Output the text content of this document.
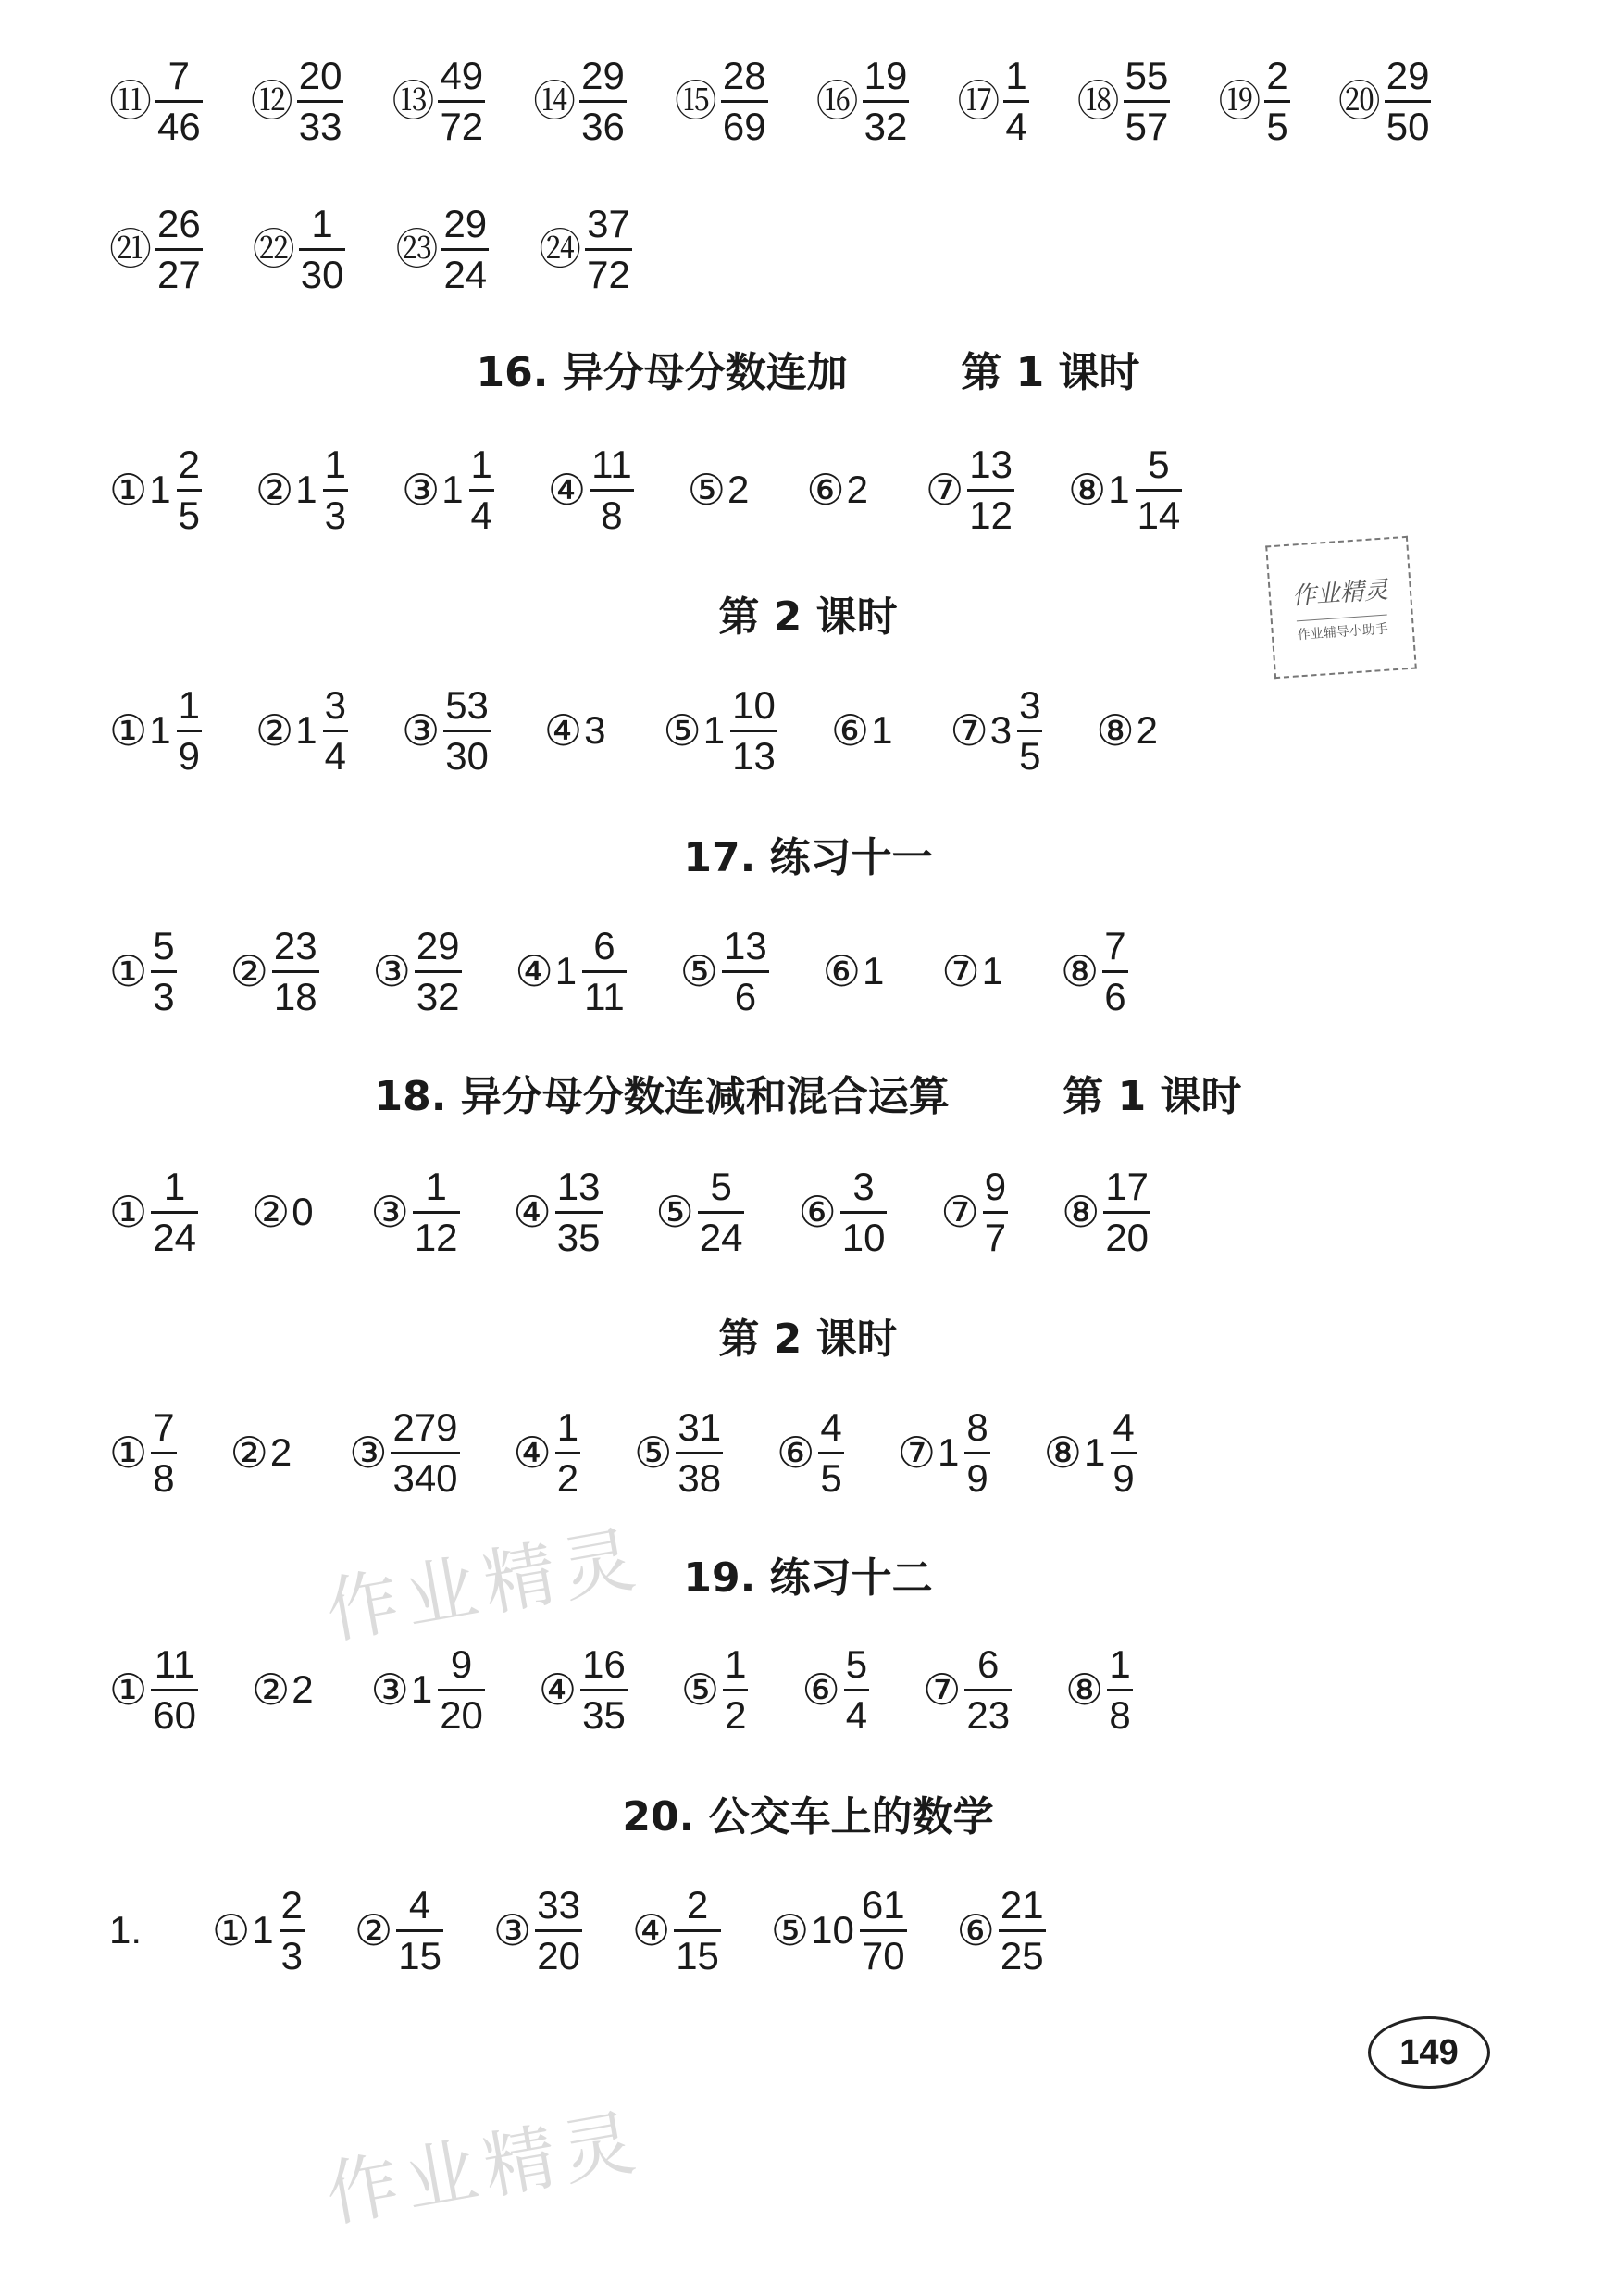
⑪ $\frac{7}{46}$ ⑫ $\frac{20}{33}$ ⑬ $\frac{49}{72}$ ⑭ $\frac{29}{36}$ ⑮ $\frac{28}{69}$ ⑯ $\frac{19}{32}$ ⑰ $\frac{1}{4}$ ⑱ $\frac{55}{57}$ ⑲ $\frac{2}{5}$ ⑳ $\frac{29}{50}$
㉑ $\frac{26}{27}$ ㉒ $\frac{1}{30}$ ㉓ $\frac{29}{24}$ ㉔ $\frac{37}{72}$
16. 异分母分数连加        第 1 课时
① $1 \frac{2}{5}$ ② $1 \frac{1}{3}$ ③ $1 \frac{1}{4}$ ④ $\frac{11}{8}$ ⑤ 2 ⑥ 2 ⑦ $\frac{13}{12}$ ⑧ $1 \frac{5}{14}$
第 2 课时
① $1 \frac{1}{9}$ ② $1 \frac{3}{4}$ ③ $\frac{53}{30}$ ④ 3 ⑤ $1 \frac{10}{13}$ ⑥ 1 ⑦ $3 \frac{3}{5}$ ⑧ 2
17. 练习十一
① $\frac{5}{3}$ ② $\frac{23}{18}$ ③ $\frac{29}{32}$ ④ $1 \frac{6}{11}$ ⑤ $\frac{13}{6}$ ⑥ 1 ⑦ 1 ⑧ $\frac{7}{6}$
18. 异分母分数连减和混合运算        第 1 课时
① $\frac{1}{24}$ ② 0 ③ $\frac{1}{12}$ ④ $\frac{13}{35}$ ⑤ $\frac{5}{24}$ ⑥ $\frac{3}{10}$ ⑦ $\frac{9}{7}$ ⑧ $\frac{17}{20}$
第 2 课时
① $\frac{7}{8}$ ② 2 ③ $\frac{279}{340}$ ④ $\frac{1}{2}$ ⑤ $\frac{31}{38}$ ⑥ $\frac{4}{5}$ ⑦ $1 \frac{8}{9}$ ⑧ $1 \frac{4}{9}$
19. 练习十二
① $\frac{11}{60}$ ② 2 ③ $1 \frac{9}{20}$ ④ $\frac{16}{35}$ ⑤ $\frac{1}{2}$ ⑥ $\frac{5}{4}$ ⑦ $\frac{6}{23}$ ⑧ $\frac{1}{8}$
20. 公交车上的数学
1. ① $1 \frac{2}{3}$ ② $\frac{4}{15}$ ③ $\frac{33}{20}$ ④ $\frac{2}{15}$ ⑤ $10 \frac{61}{70}$ ⑥ $\frac{21}{25}$
作业精灵
作业辅导小助手
作业精灵
作业精灵
149
